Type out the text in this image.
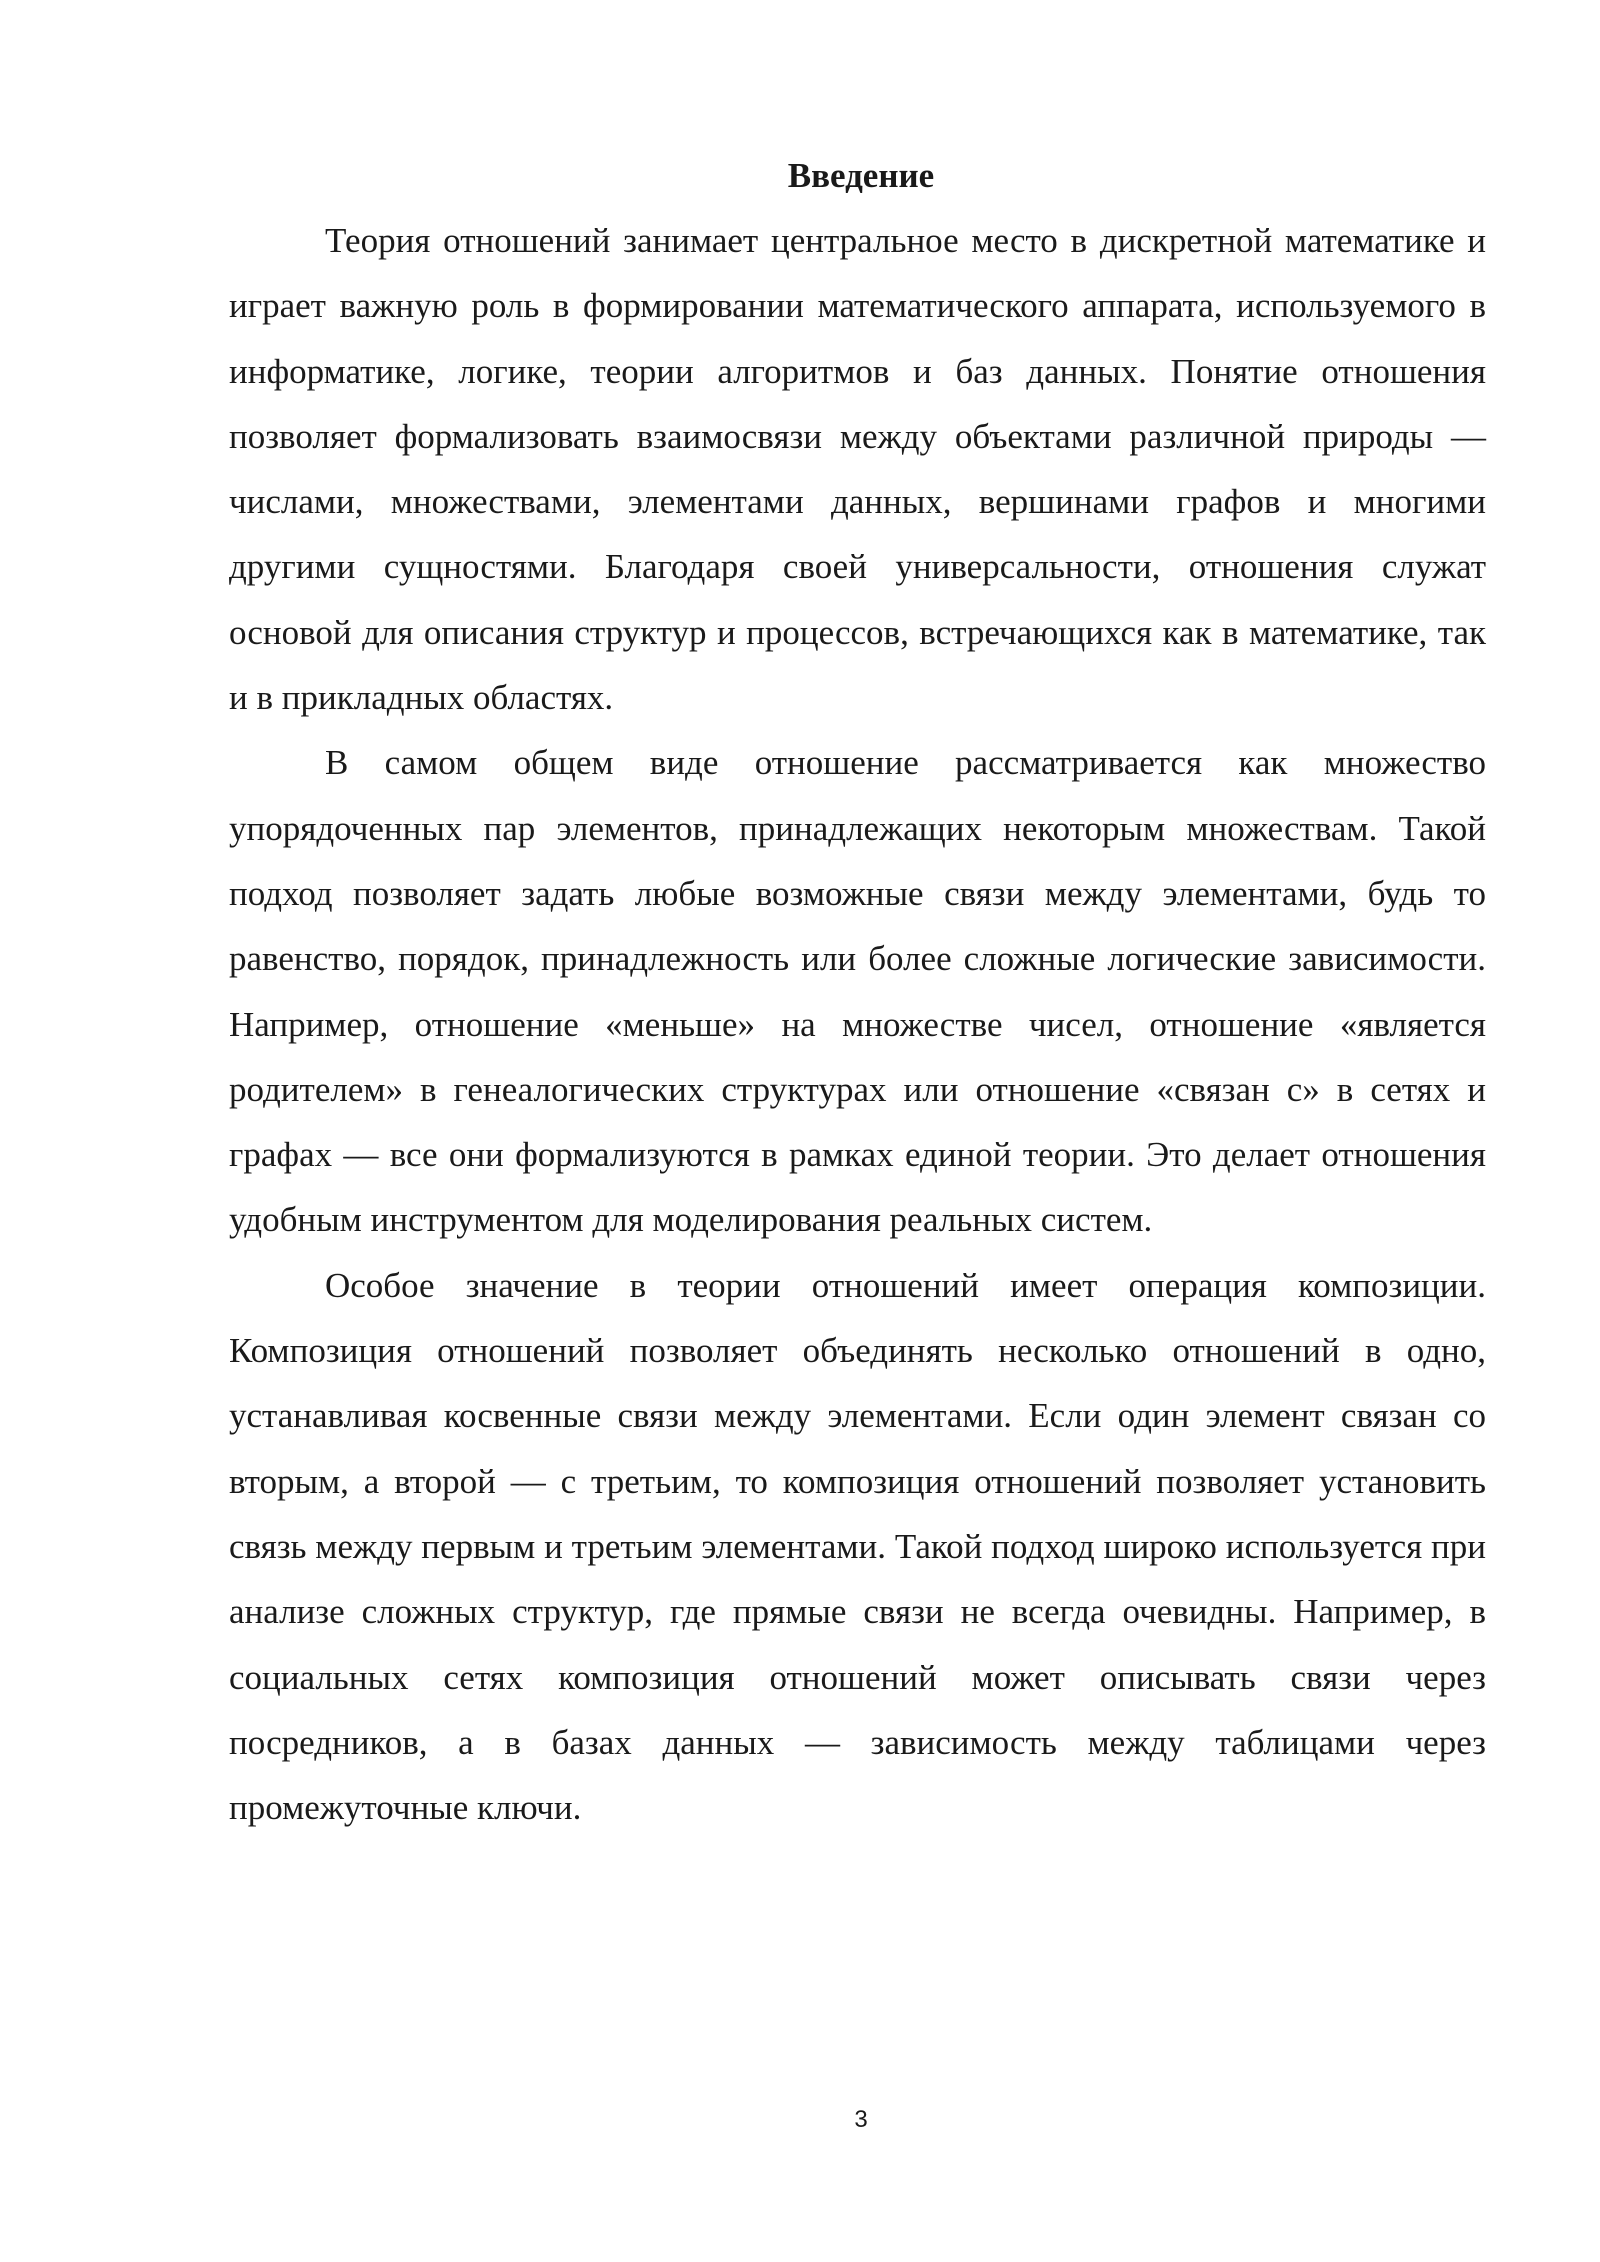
Введение

Теория отношений занимает центральное место в дискретной математике и играет важную роль в формировании математического аппарата, используемого в информатике, логике, теории алгоритмов и баз данных. Понятие отношения позволяет формализовать взаимосвязи между объектами различной природы — числами, множествами, элементами данных, вершинами графов и многими другими сущностями. Благодаря своей универсальности, отношения служат основой для описания структур и процессов, встречающихся как в математике, так и в прикладных областях.

В самом общем виде отношение рассматривается как множество упорядоченных пар элементов, принадлежащих некоторым множествам. Такой подход позволяет задать любые возможные связи между элементами, будь то равенство, порядок, принадлежность или более сложные логические зависимости. Например, отношение «меньше» на множестве чисел, отношение «является родителем» в генеалогических структурах или отношение «связан с» в сетях и графах — все они формализуются в рамках единой теории. Это делает отношения удобным инструментом для моделирования реальных систем.

Особое значение в теории отношений имеет операция композиции. Композиция отношений позволяет объединять несколько отношений в одно, устанавливая косвенные связи между элементами. Если один элемент связан со вторым, а второй — с третьим, то композиция отношений позволяет установить связь между первым и третьим элементами. Такой подход широко используется при анализе сложных структур, где прямые связи не всегда очевидны. Например, в социальных сетях композиция отношений может описывать связи через посредников, а в базах данных — зависимость между таблицами через промежуточные ключи.

3
